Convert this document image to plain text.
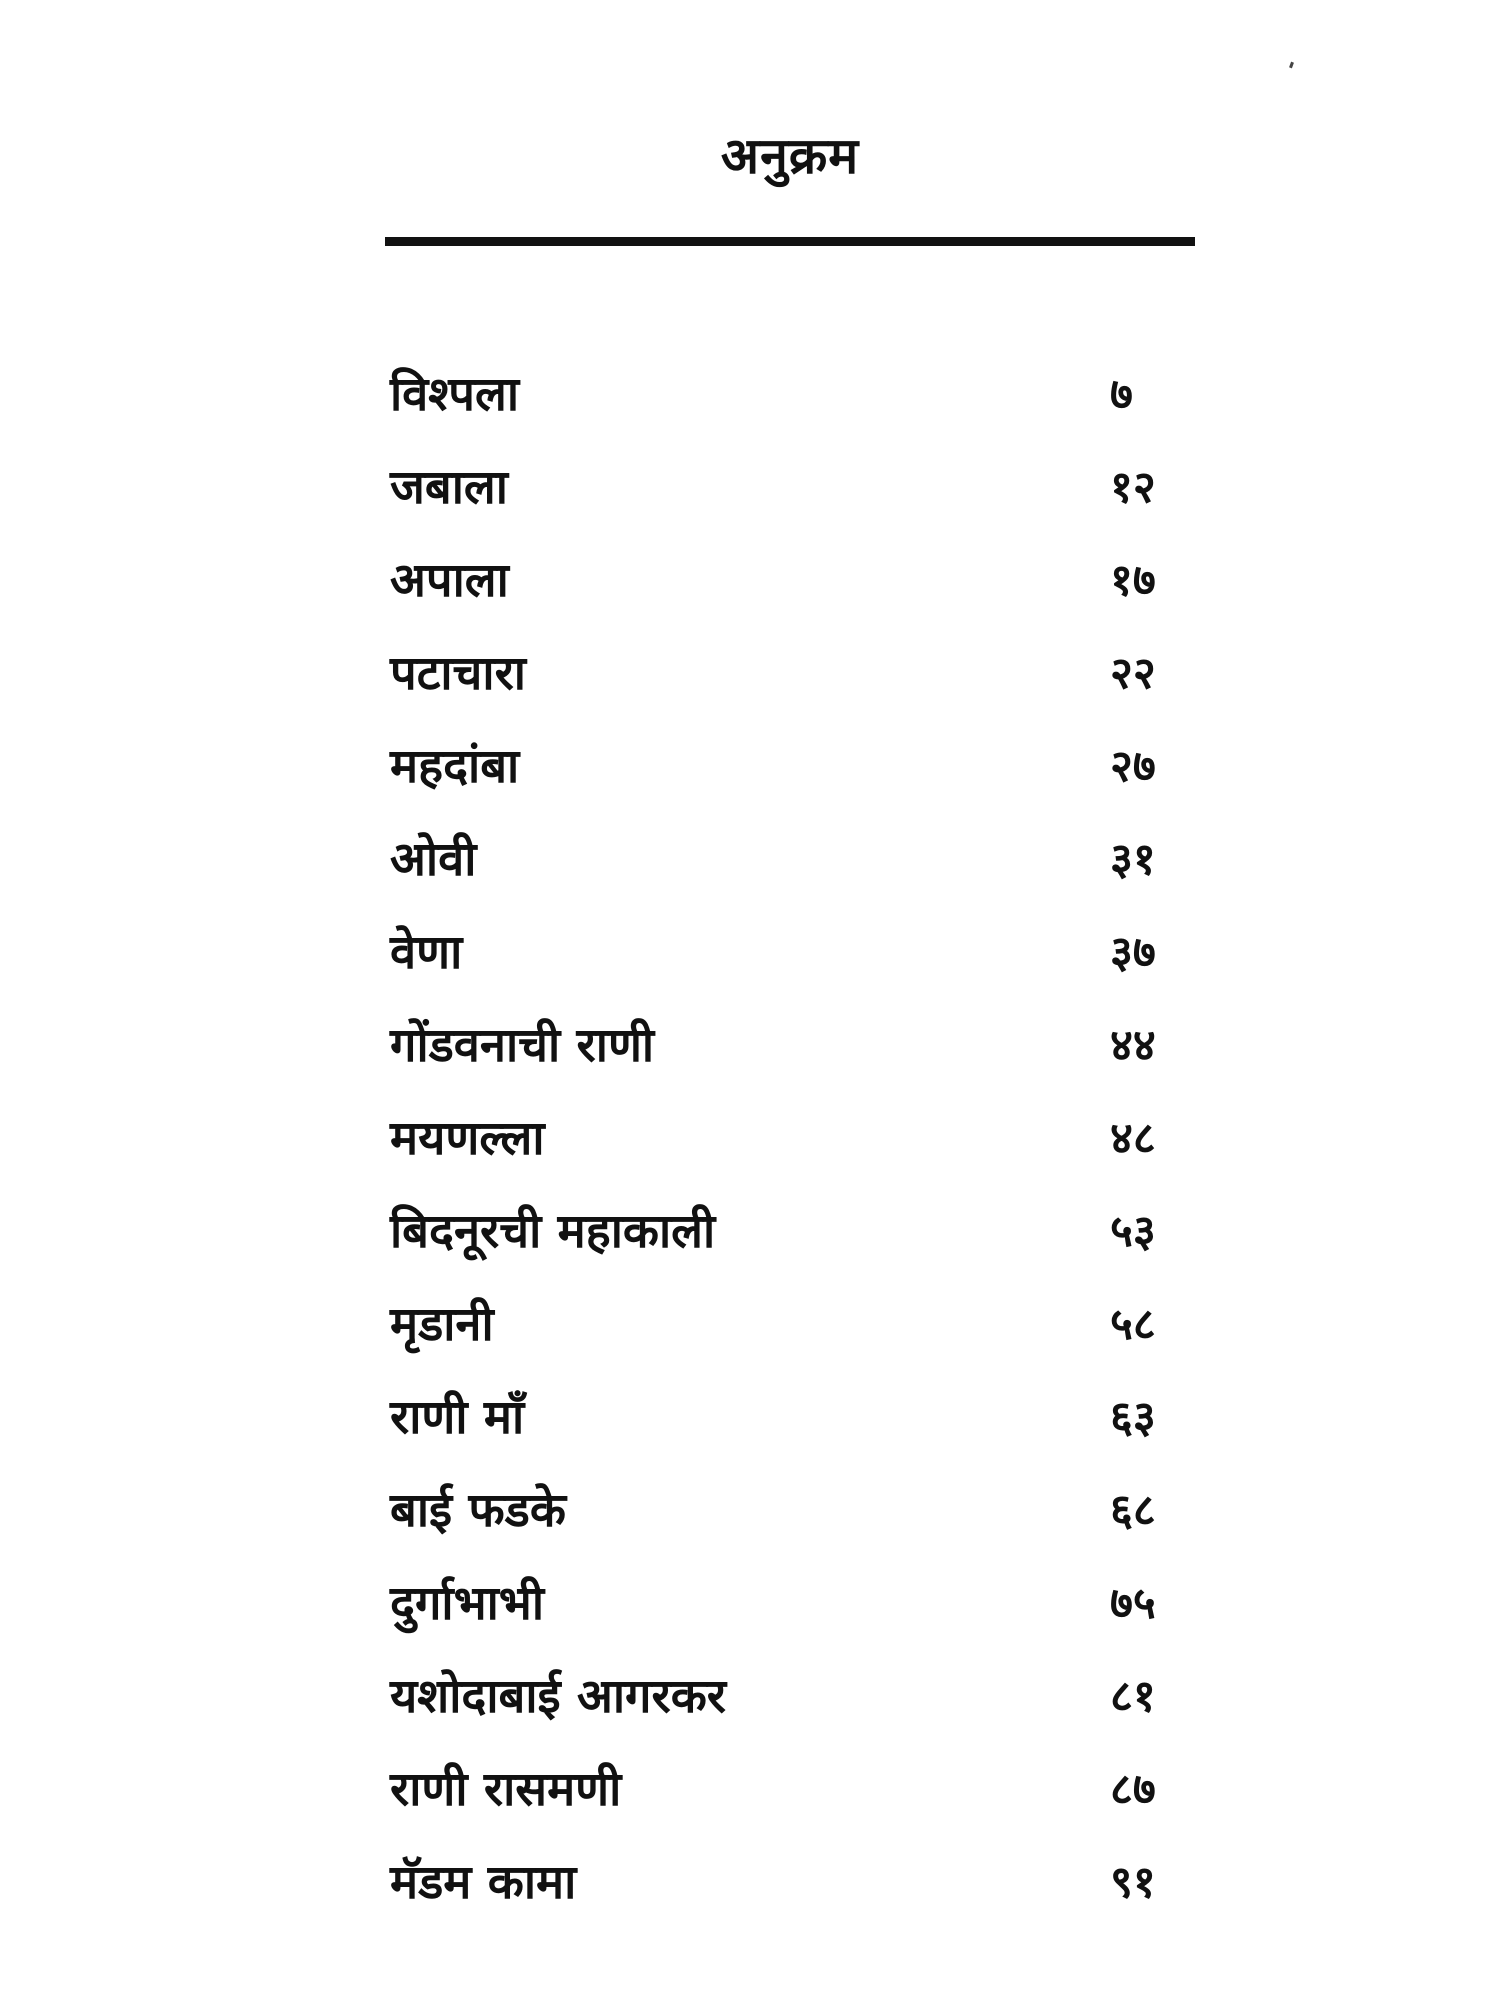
अनुक्रम
विश्पला	७
जबाला	१२
अपाला	१७
पटाचारा	२२
महदांबा	२७
ओवी	३१
वेणा	३७
गोंडवनाची राणी	४४
मयणल्ला	४८
बिदनूरची महाकाली	५३
मृडानी	५८
राणी माँ	६३
बाई फडके	६८
दुर्गाभाभी	७५
यशोदाबाई आगरकर	८१
राणी रासमणी	८७
मॅडम कामा	९१
